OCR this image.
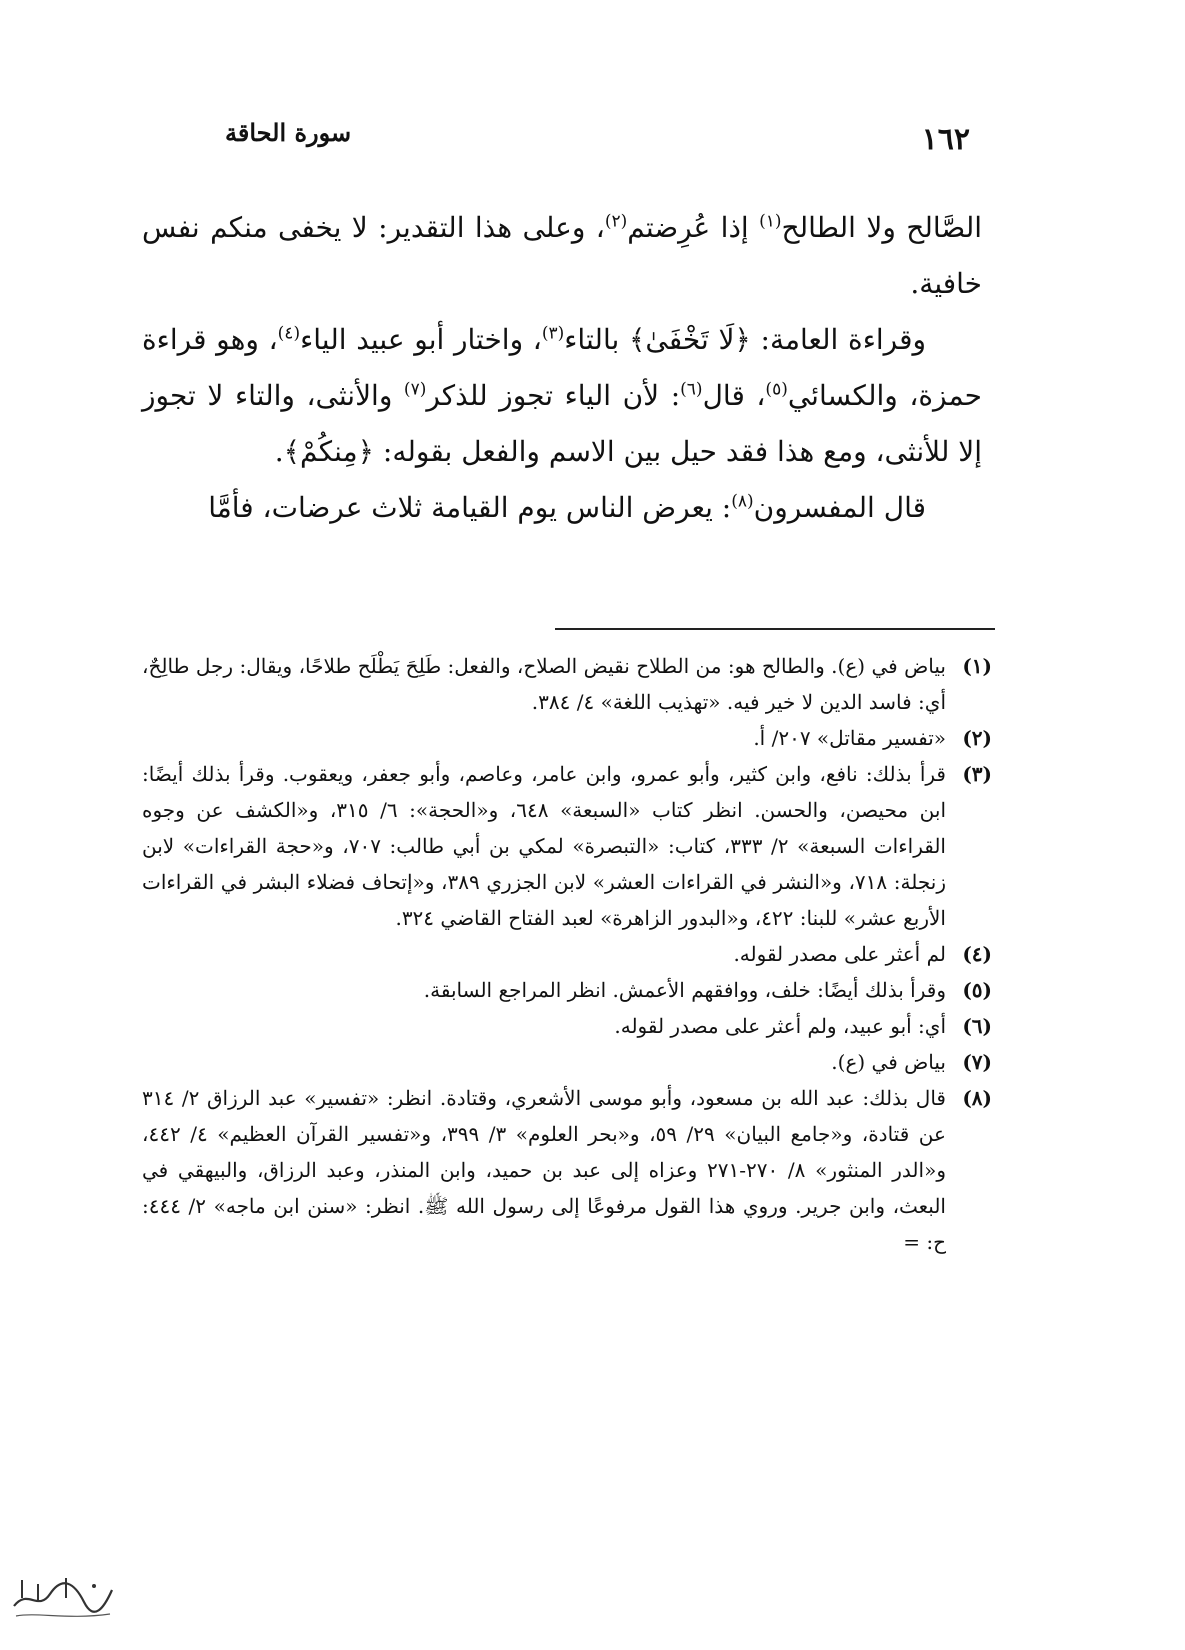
١٦٢
سورة الحاقة

الصَّالح ولا الطالح$^{(١)}$ إذا عُرِضتم$^{(٢)}$، وعلى هذا التقدير: لا يخفى منكم نفس خافية.

وقراءة العامة: ﴿لَا تَخْفَىٰ﴾ بالتاء$^{(٣)}$، واختار أبو عبيد الياء$^{(٤)}$، وهو قراءة حمزة، والكسائي$^{(٥)}$، قال$^{(٦)}$: لأن الياء تجوز للذكر$^{(٧)}$ والأنثى، والتاء لا تجوز إلا للأنثى، ومع هذا فقد حيل بين الاسم والفعل بقوله: ﴿مِنكُمْ﴾.

قال المفسرون$^{(٨)}$: يعرض الناس يوم القيامة ثلاث عرضات، فأمَّا

(١)
بياض في (ع). والطالح هو: من الطلاح نقيض الصلاح، والفعل: طَلِحَ يَطْلَح طلاحًا، ويقال: رجل طالِحٌ، أي: فاسد الدين لا خير فيه. «تهذيب اللغة» ٤/ ٣٨٤.
(٢)
«تفسير مقاتل» ٢٠٧/ أ.
(٣)
قرأ بذلك: نافع، وابن كثير، وأبو عمرو، وابن عامر، وعاصم، وأبو جعفر، ويعقوب. وقرأ بذلك أيضًا: ابن محيصن، والحسن. انظر كتاب «السبعة» ٦٤٨، و«الحجة»: ٦/ ٣١٥، و«الكشف عن وجوه القراءات السبعة» ٢/ ٣٣٣، كتاب: «التبصرة» لمكي بن أبي طالب: ٧٠٧، و«حجة القراءات» لابن زنجلة: ٧١٨، و«النشر في القراءات العشر» لابن الجزري ٣٨٩، و«إتحاف فضلاء البشر في القراءات الأربع عشر» للبنا: ٤٢٢، و«البدور الزاهرة» لعبد الفتاح القاضي ٣٢٤.
(٤)
لم أعثر على مصدر لقوله.
(٥)
وقرأ بذلك أيضًا: خلف، ووافقهم الأعمش. انظر المراجع السابقة.
(٦)
أي: أبو عبيد، ولم أعثر على مصدر لقوله.
(٧)
بياض في (ع).
(٨)
قال بذلك: عبد الله بن مسعود، وأبو موسى الأشعري، وقتادة. انظر: «تفسير» عبد الرزاق ٢/ ٣١٤ عن قتادة، و«جامع البيان» ٢٩/ ٥٩، و«بحر العلوم» ٣/ ٣٩٩، و«تفسير القرآن العظيم» ٤/ ٤٤٢، و«الدر المنثور» ٨/ ٢٧٠-٢٧١ وعزاه إلى عبد بن حميد، وابن المنذر، وعبد الرزاق، والبيهقي في البعث، وابن جرير. وروي هذا القول مرفوعًا إلى رسول الله ﷺ. انظر: «سنن ابن ماجه» ٢/ ٤٤٤: ح: =
